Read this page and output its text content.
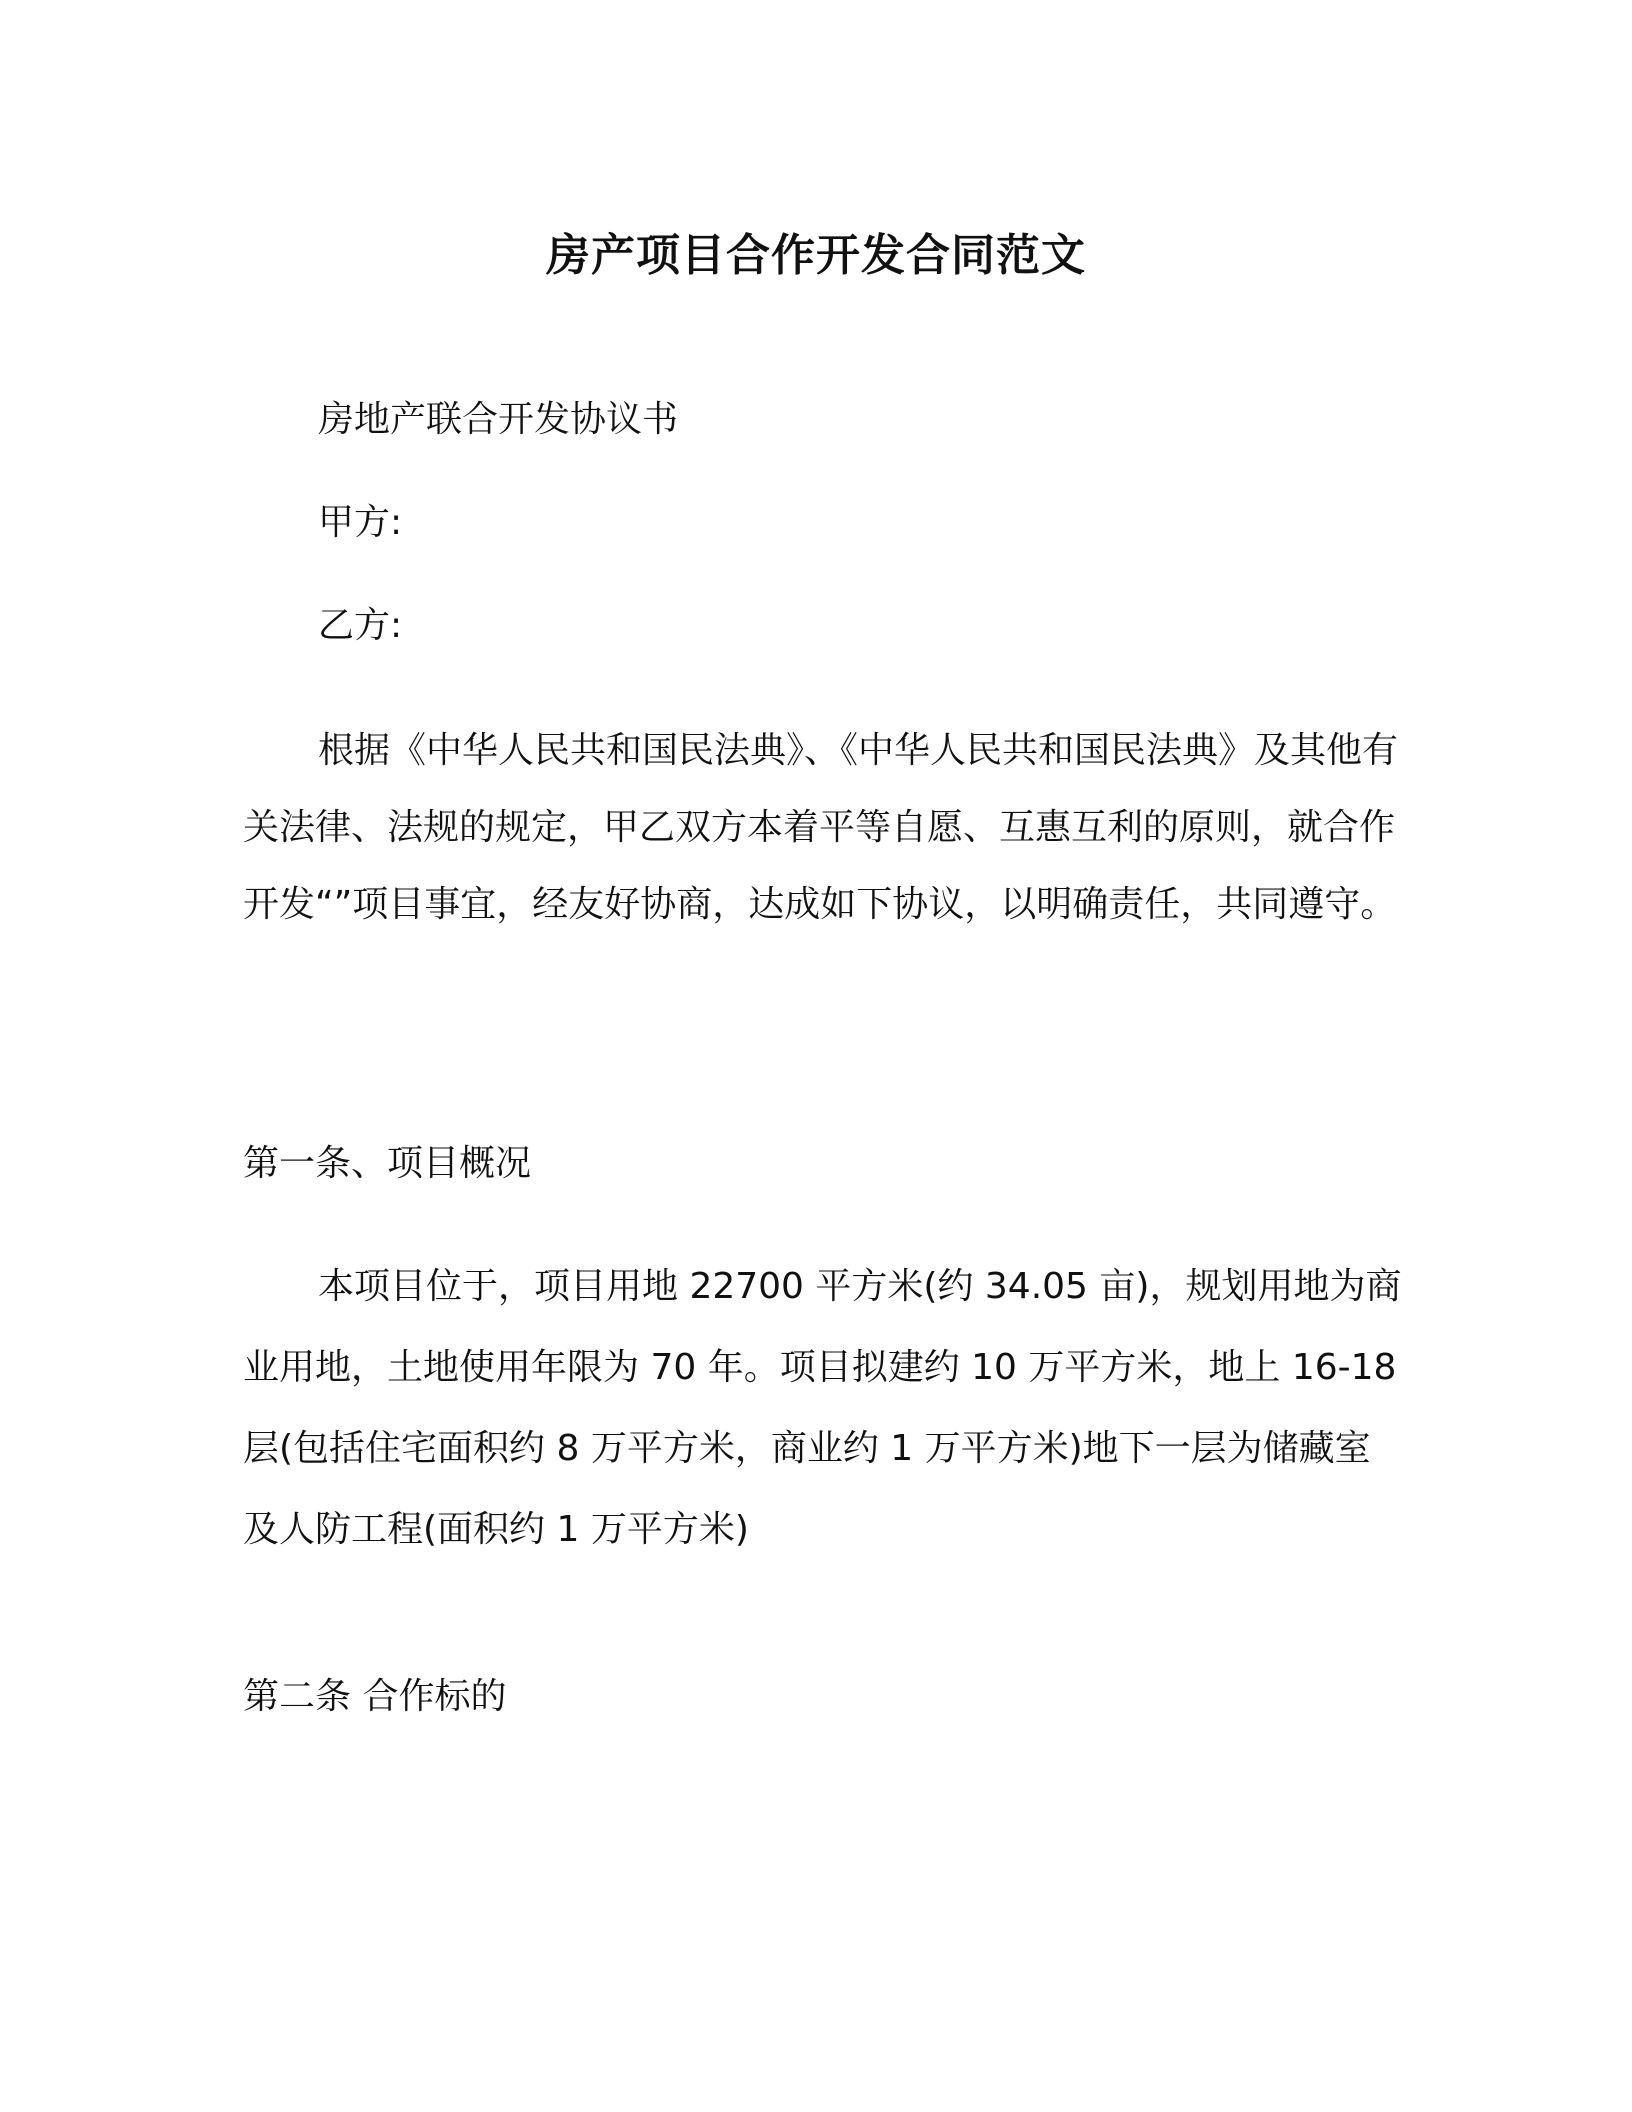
房产项目合作开发合同范文
房地产联合开发协议书
甲方:
乙方:
根据《中华人民共和国民法典》、《中华人民共和国民法典》及其他有关法律、法规的规定，甲乙双方本着平等自愿、互惠互利的原则，就合作开发“”项目事宜，经友好协商，达成如下协议，以明确责任，共同遵守。
第一条、项目概况
本项目位于，项目用地 22700 平方米(约 34.05 亩)，规划用地为商业用地，土地使用年限为 70 年。项目拟建约 10 万平方米，地上 16-18 层(包括住宅面积约 8 万平方米，商业约 1 万平方米)地下一层为储藏室及人防工程(面积约 1 万平方米)
第二条 合作标的
